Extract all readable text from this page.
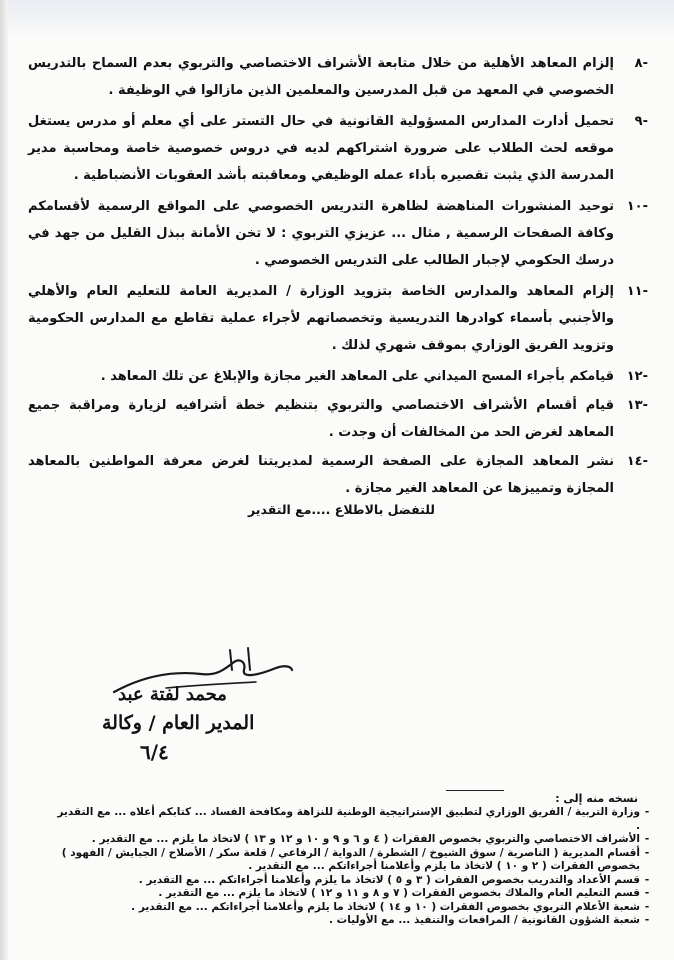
٨-
إلزام المعاهد الأهلية من خلال متابعة الأشراف الاختصاصي والتربوي بعدم السماح بالتدريس الخصوصي في المعهد من قبل المدرسين والمعلمين الذين مازالوا في الوظيفة .
٩-
تحميل أدارت المدارس المسؤولية القانونية في حال التستر على أي معلم أو مدرس يستغل موقعه لحث الطلاب على ضرورة اشتراكهم لديه في دروس خصوصية خاصة ومحاسبة مدير المدرسة الذي يثبت تقصيره بأداء عمله الوظيفي ومعاقبته بأشد العقوبات الأنضباطية .
١٠-
توحيد المنشورات المناهضة لظاهرة التدريس الخصوصي على المواقع الرسمية لأقسامكم وكافة الصفحات الرسمية , مثال ... عزيزي التربوي : لا تخن الأمانة ببذل القليل من جهد في درسك الحكومي لإجبار الطالب على التدريس الخصوصي .
١١-
إلزام المعاهد والمدارس الخاصة بتزويد الوزارة / المديرية العامة للتعليم العام والأهلي والأجنبي بأسماء كوادرها التدريسية وتخصصاتهم لأجراء عملية تقاطع مع المدارس الحكومية وتزويد الفريق الوزاري بموقف شهري لذلك .
١٢-
قيامكم بأجراء المسح الميداني على المعاهد الغير مجازة والإبلاغ عن تلك المعاهد .
١٣-
قيام أقسام الأشراف الاختصاصي والتربوي بتنظيم خطة أشرافيه لزيارة ومراقبة جميع المعاهد لغرض الحد من المخالفات أن وجدت .
١٤-
نشر المعاهد المجازة على الصفحة الرسمية لمديريتنا لغرض معرفة المواطنين بالمعاهد المجازة وتمييزها عن المعاهد الغير مجازة .
للتفضل بالاطلاع ....مع التقدير
محمد لفتة عبد
المدير العام / وكالة
٦/٤
نسخه منه إلى :
-
وزارة التربية / الفريق الوزاري لتطبيق الإستراتيجية الوطنية للنزاهة ومكافحة الفساد ... كتابكم أعلاه ... مع التقدير .
-
الأشراف الاختصاصي والتربوي بخصوص الفقرات ( ٤ و ٦ و ٩ و ١٠ و ١٢ و ١٣ ) لاتخاذ ما يلزم ... مع التقدير .
-
أقسام المديرية ( الناصرية / سوق الشيوخ / الشطرة / الدواية / الرفاعي / قلعة سكر / الأصلاح / الجبايش / الفهود ) بخصوص الفقرات ( ٢ و ١٠ ) لاتخاذ ما يلزم وأعلامنا أجراءاتكم ... مع التقدير .
-
قسم الأعداد والتدريب بخصوص الفقرات ( ٣ و ٥ ) لاتخاذ ما يلزم وأعلامنا أجراءاتكم ... مع التقدير .
-
قسم التعليم العام والملاك بخصوص الفقرات ( ٧ و ٨ و ١١ و ١٢ ) لاتخاذ ما يلزم ... مع التقدير .
-
شعبة الأعلام التربوي بخصوص الفقرات ( ١٠ و ١٤ ) لاتخاذ ما يلزم وأعلامنا أجراءاتكم ... مع التقدير .
-
شعبة الشؤون القانونية / المرافعات والتنفيذ ... مع الأوليات .
